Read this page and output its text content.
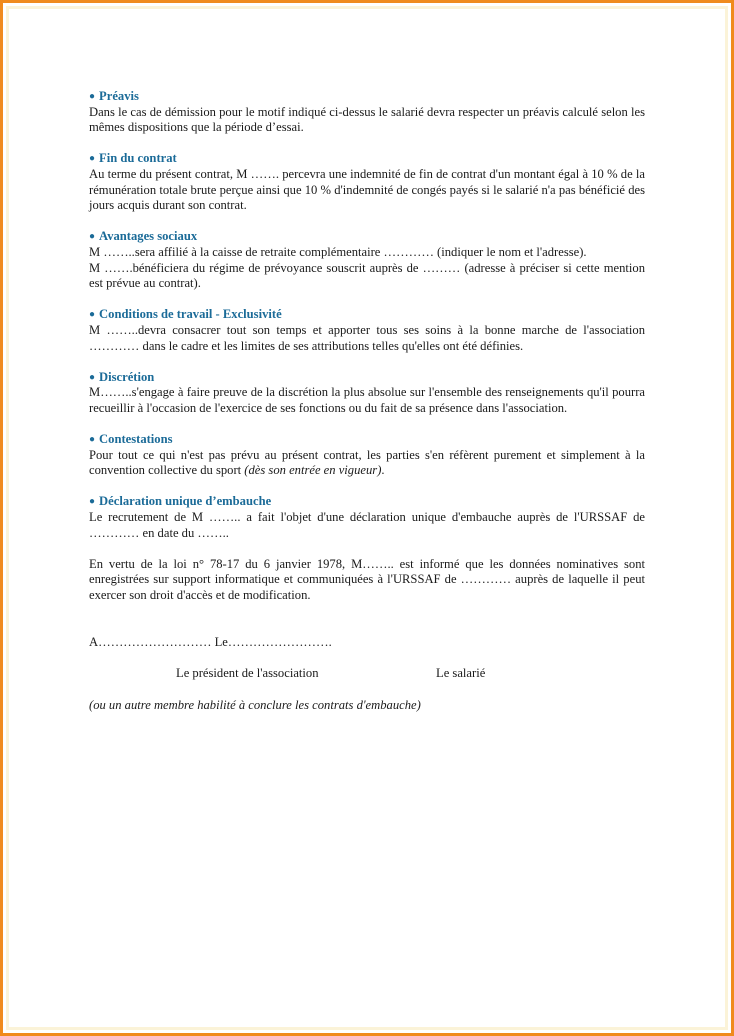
● Préavis

Dans le cas de démission pour le motif indiqué ci-dessus le salarié devra respecter un préavis calculé selon les mêmes dispositions que la période d’essai.

● Fin du contrat

Au terme du présent contrat, M ……. percevra une indemnité de fin de contrat d'un montant égal à 10 % de la rémunération totale brute perçue ainsi que 10 % d'indemnité de congés payés si le salarié n'a pas bénéficié des jours acquis durant son contrat.

● Avantages sociaux

M ……..sera affilié à la caisse de retraite complémentaire ………… (indiquer le nom et l'adresse).

M …….bénéficiera du régime de prévoyance souscrit auprès de ……… (adresse à préciser si cette mention est prévue au contrat).

● Conditions de travail - Exclusivité

M ……..devra consacrer tout son temps et apporter tous ses soins à la bonne marche de l'association ………… dans le cadre et les limites de ses attributions telles qu'elles ont été définies.

● Discrétion

M……..s'engage à faire preuve de la discrétion la plus absolue sur l'ensemble des renseignements qu'il pourra recueillir à l'occasion de l'exercice de ses fonctions ou du fait de sa présence dans l'association.

● Contestations

Pour tout ce qui n'est pas prévu au présent contrat, les parties s'en réfèrent purement et simplement à la convention collective du sport (dès son entrée en vigueur).

● Déclaration unique d’embauche

Le recrutement de M …….. a fait l'objet d'une déclaration unique d'embauche auprès de l'URSSAF de ………… en date du ……..

En vertu de la loi n° 78-17 du 6 janvier 1978, M…….. est informé que les données nominatives sont enregistrées sur support informatique et communiquées à l'URSSAF de ………… auprès de laquelle il peut exercer son droit d'accès et de modification.

A……………………… Le…………………….

Le président de l'association	Le salarié

(ou un autre membre habilité à conclure les contrats d'embauche)
